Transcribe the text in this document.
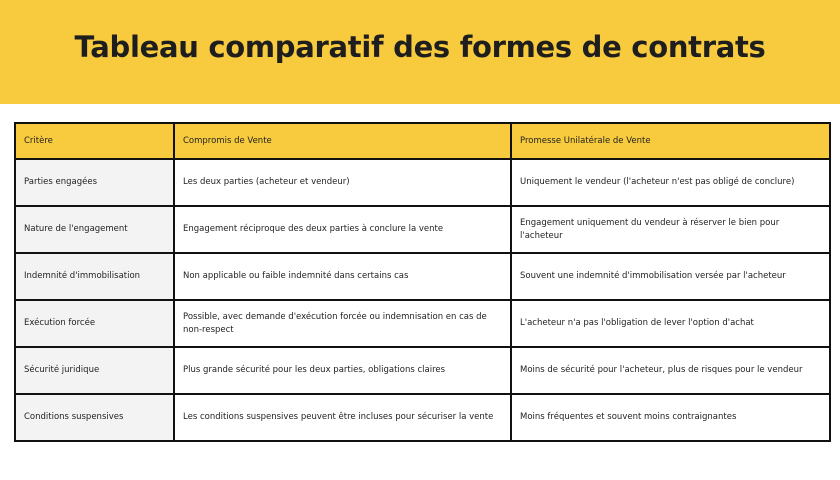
Tableau comparatif des formes de contrats
Critère	Compromis de Vente	Promesse Unilatérale de Vente
Parties engagées	Les deux parties (acheteur et vendeur)	Uniquement le vendeur (l'acheteur n'est pas obligé de conclure)
Nature de l'engagement	Engagement réciproque des deux parties à conclure la vente	Engagement uniquement du vendeur à réserver le bien pour l'acheteur
Indemnité d'immobilisation	Non applicable ou faible indemnité dans certains cas	Souvent une indemnité d'immobilisation versée par l'acheteur
Exécution forcée	Possible, avec demande d'exécution forcée ou indemnisation en cas de non-respect	L'acheteur n'a pas l'obligation de lever l'option d'achat
Sécurité juridique	Plus grande sécurité pour les deux parties, obligations claires	Moins de sécurité pour l'acheteur, plus de risques pour le vendeur
Conditions suspensives	Les conditions suspensives peuvent être incluses pour sécuriser la vente	Moins fréquentes et souvent moins contraignantes
